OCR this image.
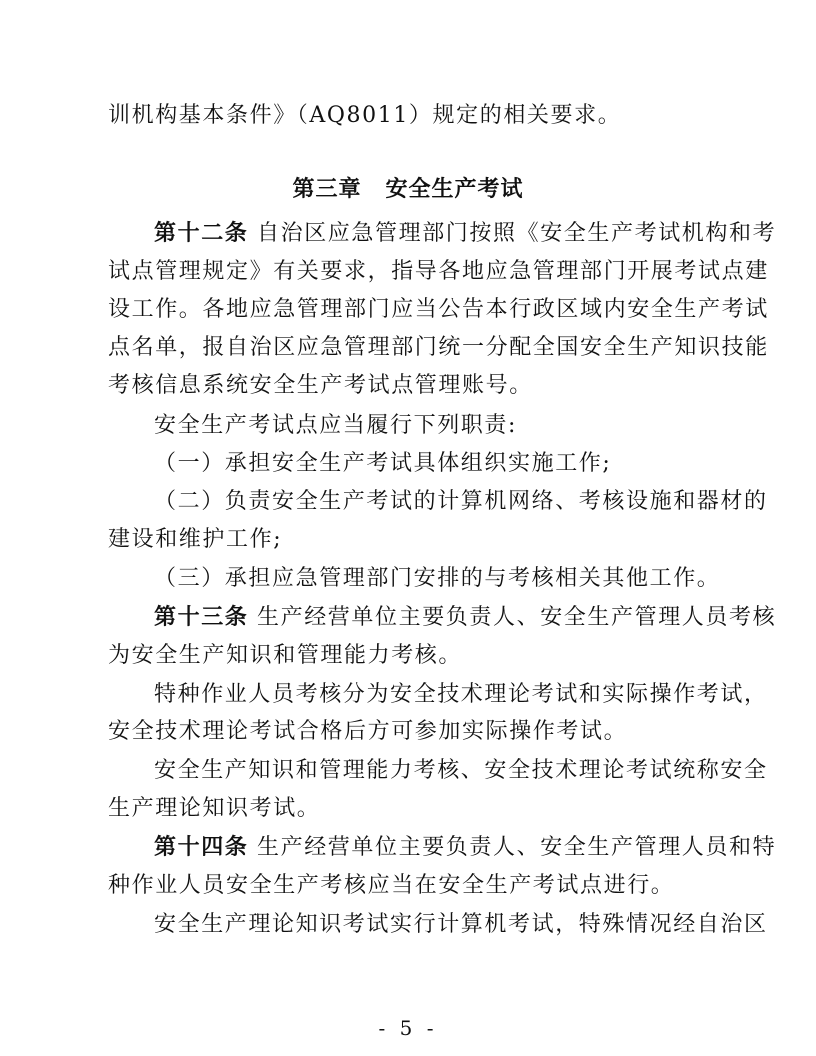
训机构基本条件》（AQ8011）规定的相关要求。
第三章 安全生产考试
第十二条 自治区应急管理部门按照《安全生产考试机构和考
试点管理规定》有关要求，指导各地应急管理部门开展考试点建
设工作。各地应急管理部门应当公告本行政区域内安全生产考试
点名单，报自治区应急管理部门统一分配全国安全生产知识技能
考核信息系统安全生产考试点管理账号。
安全生产考试点应当履行下列职责:
（一）承担安全生产考试具体组织实施工作;
（二）负责安全生产考试的计算机网络、考核设施和器材的
建设和维护工作;
（三）承担应急管理部门安排的与考核相关其他工作。
第十三条 生产经营单位主要负责人、安全生产管理人员考核
为安全生产知识和管理能力考核。
特种作业人员考核分为安全技术理论考试和实际操作考试，
安全技术理论考试合格后方可参加实际操作考试。
安全生产知识和管理能力考核、安全技术理论考试统称安全
生产理论知识考试。
第十四条 生产经营单位主要负责人、安全生产管理人员和特
种作业人员安全生产考核应当在安全生产考试点进行。
安全生产理论知识考试实行计算机考试，特殊情况经自治区
- 5 -
